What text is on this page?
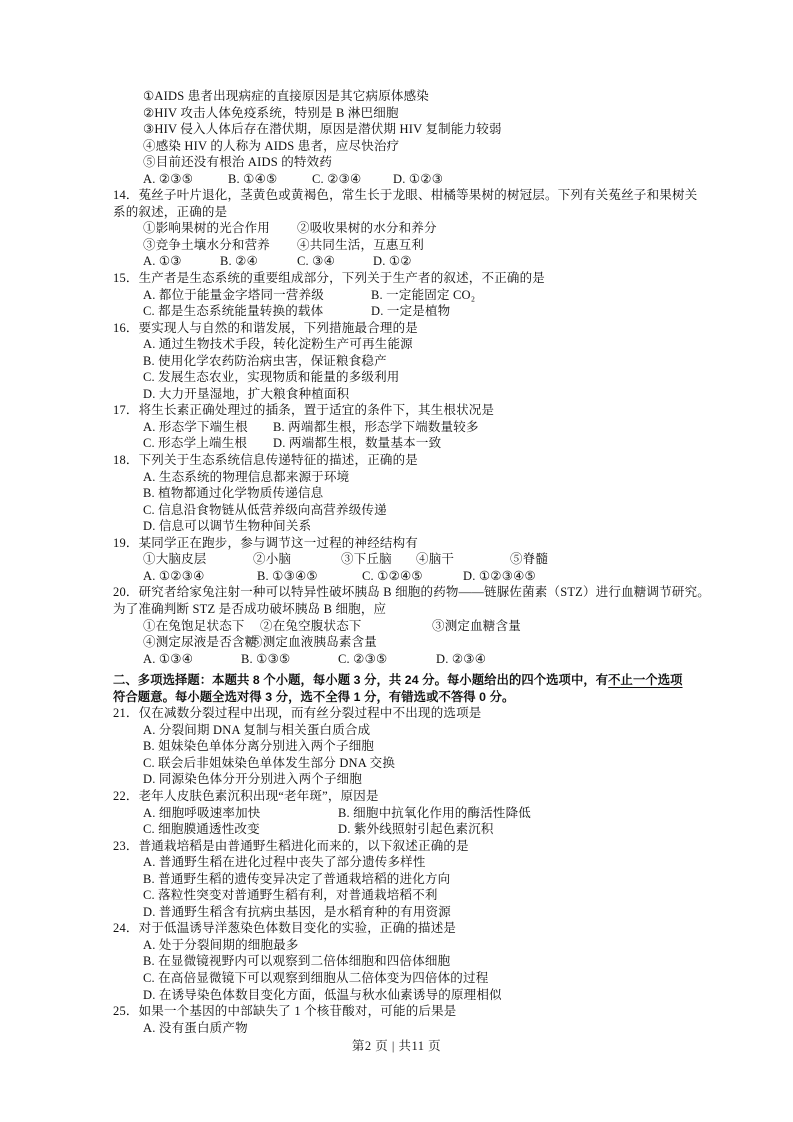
①AIDS 患者出现病症的直接原因是其它病原体感染
②HIV 攻击人体免疫系统，特别是 B 淋巴细胞
③HIV 侵入人体后存在潜伏期，原因是潜伏期 HIV 复制能力较弱
④感染 HIV 的人称为 AIDS 患者，应尽快治疗
⑤目前还没有根治 AIDS 的特效药
A. ②③⑤	B. ①④⑤	C. ②③④	D. ①②③
14．菟丝子叶片退化，茎黄色或黄褐色，常生长于龙眼、柑橘等果树的树冠层。下列有关菟丝子和果树关
系的叙述，正确的是
①影响果树的光合作用 ②吸收果树的水分和养分
③竞争土壤水分和营养 ④共同生活，互惠互利
A. ①③	B. ②④	C. ③④	D. ①②
15．生产者是生态系统的重要组成部分，下列关于生产者的叙述，不正确的是
A. 都位于能量金字塔同一营养级	B. 一定能固定 CO₂
C. 都是生态系统能量转换的载体	D. 一定是植物
16．要实现人与自然的和谐发展，下列措施最合理的是
A. 通过生物技术手段，转化淀粉生产可再生能源
B. 使用化学农药防治病虫害，保证粮食稳产
C. 发展生态农业，实现物质和能量的多级利用
D. 大力开垦湿地，扩大粮食种植面积
17．将生长素正确处理过的插条，置于适宜的条件下，其生根状况是
A. 形态学下端生根 B. 两端都生根，形态学下端数量较多
C. 形态学上端生根 D. 两端都生根，数量基本一致
18．下列关于生态系统信息传递特征的描述，正确的是
A. 生态系统的物理信息都来源于环境
B. 植物都通过化学物质传递信息
C. 信息沿食物链从低营养级向高营养级传递
D. 信息可以调节生物种间关系
19．某同学正在跑步，参与调节这一过程的神经结构有
①大脑皮层	②小脑	③下丘脑 ④脑干	⑤脊髓
A. ①②③④	B. ①③④⑤	C. ①②④⑤	D. ①②③④⑤
20．研究者给家兔注射一种可以特异性破坏胰岛 B 细胞的药物——链脲佐菌素（STZ）进行血糖调节研究。
为了准确判断 STZ 是否成功破坏胰岛 B 细胞，应
①在兔饱足状态下 ②在兔空腹状态下	③测定血糖含量
④测定尿液是否含糖⑤测定血液胰岛素含量
A. ①③④	B. ①③⑤	C. ②③⑤	D. ②③④
二、多项选择题：本题共 8 个小题，每小题 3 分，共 24 分。每小题给出的四个选项中，有不止一个选项
符合题意。每小题全选对得 3 分，选不全得 1 分，有错选或不答得 0 分。
21．仅在减数分裂过程中出现，而有丝分裂过程中不出现的选项是
A. 分裂间期 DNA 复制与相关蛋白质合成
B. 姐妹染色单体分离分别进入两个子细胞
C. 联会后非姐妹染色单体发生部分 DNA 交换
D. 同源染色体分开分别进入两个子细胞
22．老年人皮肤色素沉积出现“老年斑”，原因是
A. 细胞呼吸速率加快	B. 细胞中抗氧化作用的酶活性降低
C. 细胞膜通透性改变	D. 紫外线照射引起色素沉积
23．普通栽培稻是由普通野生稻进化而来的，以下叙述正确的是
A. 普通野生稻在进化过程中丧失了部分遗传多样性
B. 普通野生稻的遗传变异决定了普通栽培稻的进化方向
C. 落粒性突变对普通野生稻有利，对普通栽培稻不利
D. 普通野生稻含有抗病虫基因，是水稻育种的有用资源
24．对于低温诱导洋葱染色体数目变化的实验，正确的描述是
A. 处于分裂间期的细胞最多
B. 在显微镜视野内可以观察到二倍体细胞和四倍体细胞
C. 在高倍显微镜下可以观察到细胞从二倍体变为四倍体的过程
D. 在诱导染色体数目变化方面，低温与秋水仙素诱导的原理相似
25．如果一个基因的中部缺失了 1 个核苷酸对，可能的后果是
A. 没有蛋白质产物
第2 页 | 共11 页
